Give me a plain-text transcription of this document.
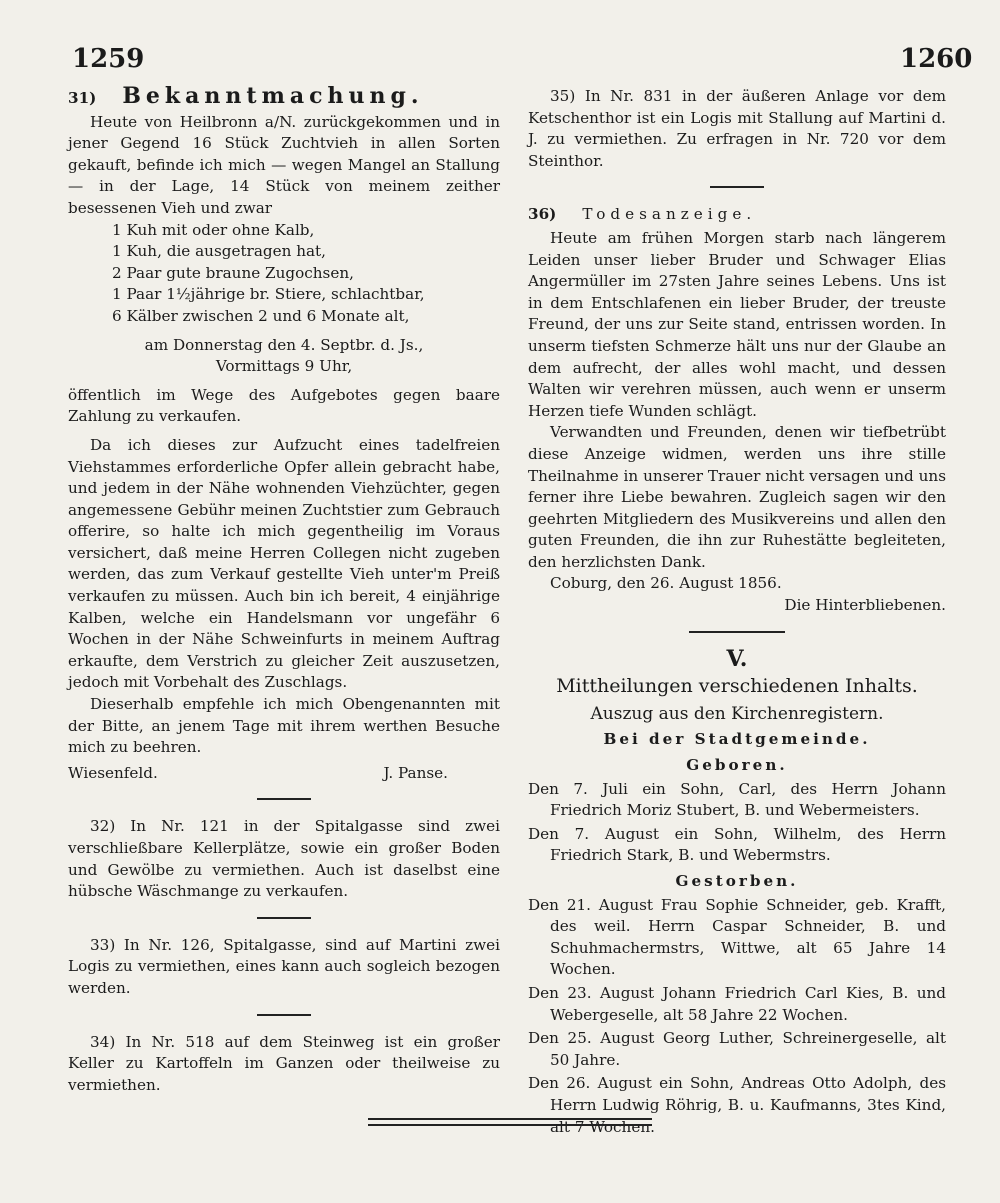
1259	1260
31) Bekanntmachung.

Heute von Heilbronn a/N. zurückgekommen und in jener Gegend 16 Stück Zuchtvieh in allen Sorten gekauft, befinde ich mich — wegen Mangel an Stallung — in der Lage, 14 Stück von meinem zeither besessenen Vieh und zwar

1 Kuh mit oder ohne Kalb,
1 Kuh, die ausgetragen hat,
2 Paar gute braune Zugochsen,
1 Paar 1½jährige br. Stiere, schlachtbar,
6 Kälber zwischen 2 und 6 Monate alt,

am Donnerstag den 4. Septbr. d. Js.,

Vormittags 9 Uhr,

öffentlich im Wege des Aufgebotes gegen baare Zahlung zu verkaufen.

Da ich dieses zur Aufzucht eines tadelfreien Viehstammes erforderliche Opfer allein gebracht habe, und jedem in der Nähe wohnenden Viehzüchter, gegen angemessene Gebühr meinen Zuchtstier zum Gebrauch offerire, so halte ich mich gegentheilig im Voraus versichert, daß meine Herren Collegen nicht zugeben werden, das zum Verkauf gestellte Vieh unter'm Preiß verkaufen zu müssen. Auch bin ich bereit, 4 einjährige Kalben, welche ein Handelsmann vor ungefähr 6 Wochen in der Nähe Schweinfurts in meinem Auftrag erkaufte, dem Verstrich zu gleicher Zeit auszusetzen, jedoch mit Vorbehalt des Zuschlags.

Dieserhalb empfehle ich mich Obengenannten mit der Bitte, an jenem Tage mit ihrem werthen Besuche mich zu beehren.

Wiesenfeld.	J. Panse.

32) In Nr. 121 in der Spitalgasse sind zwei verschließbare Kellerplätze, sowie ein großer Boden und Gewölbe zu vermiethen. Auch ist daselbst eine hübsche Wäschmange zu verkaufen.

33) In Nr. 126, Spitalgasse, sind auf Martini zwei Logis zu vermiethen, eines kann auch sogleich bezogen werden.

34) In Nr. 518 auf dem Steinweg ist ein großer Keller zu Kartoffeln im Ganzen oder theilweise zu vermiethen.

35) In Nr. 831 in der äußeren Anlage vor dem Ketschenthor ist ein Logis mit Stallung auf Martini d. J. zu vermiethen. Zu erfragen in Nr. 720 vor dem Steinthor.

36) Todesanzeige.

Heute am frühen Morgen starb nach längerem Leiden unser lieber Bruder und Schwager Elias Angermüller im 27sten Jahre seines Lebens. Uns ist in dem Entschlafenen ein lieber Bruder, der treuste Freund, der uns zur Seite stand, entrissen worden. In unserm tiefsten Schmerze hält uns nur der Glaube an dem aufrecht, der alles wohl macht, und dessen Walten wir verehren müssen, auch wenn er unserm Herzen tiefe Wunden schlägt.

Verwandten und Freunden, denen wir tiefbetrübt diese Anzeige widmen, werden uns ihre stille Theilnahme in unserer Trauer nicht versagen und uns ferner ihre Liebe bewahren. Zugleich sagen wir den geehrten Mitgliedern des Musikvereins und allen den guten Freunden, die ihn zur Ruhestätte begleiteten, den herzlichsten Dank.

Coburg, den 26. August 1856.

Die Hinterbliebenen.

V.
Mittheilungen verschiedenen Inhalts.
Auszug aus den Kirchenregistern.
Bei der Stadtgemeinde.
Geboren.

Den 7. Juli ein Sohn, Carl, des Herrn Johann Friedrich Moriz Stubert, B. und Webermeisters.

Den 7. August ein Sohn, Wilhelm, des Herrn Friedrich Stark, B. und Webermstrs.

Gestorben.

Den 21. August Frau Sophie Schneider, geb. Krafft, des weil. Herrn Caspar Schneider, B. und Schuhmachermstrs, Wittwe, alt 65 Jahre 14 Wochen.

Den 23. August Johann Friedrich Carl Kies, B. und Webergeselle, alt 58 Jahre 22 Wochen.

Den 25. August Georg Luther, Schreinergeselle, alt 50 Jahre.

Den 26. August ein Sohn, Andreas Otto Adolph, des Herrn Ludwig Röhrig, B. u. Kaufmanns, 3tes Kind, alt 7 Wochen.
